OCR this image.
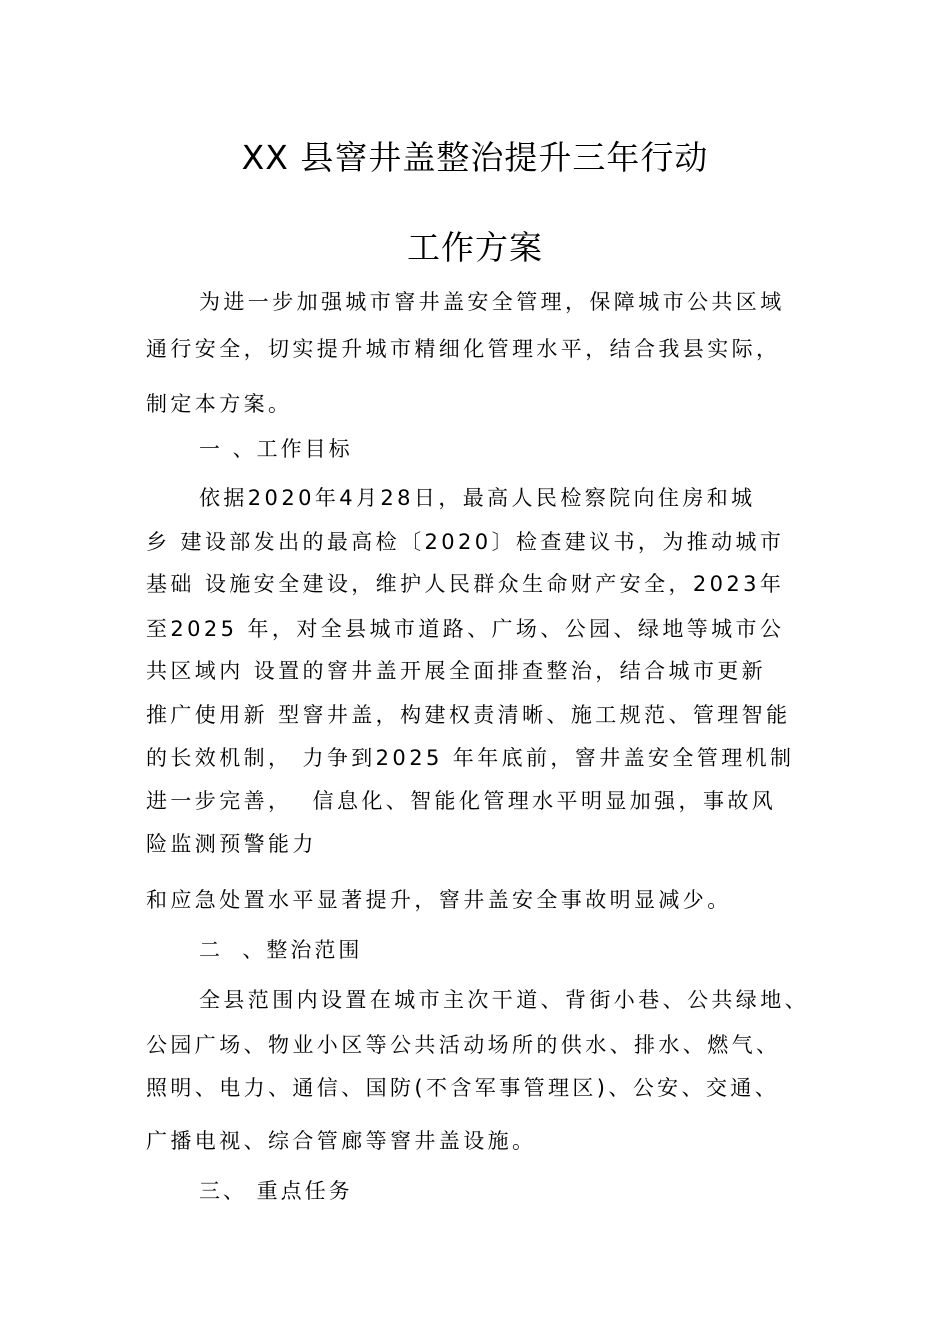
XX 县窨井盖整治提升三年行动
工作方案
为进一步加强城市窨井盖安全管理，保障城市公共区域
通行安全，切实提升城市精细化管理水平，结合我县实际，
制定本方案。
一 、工作目标
依据2020年4月28日，最高人民检察院向住房和城
乡 建设部发出的最高检〔2020〕检查建议书，为推动城市
基础 设施安全建设，维护人民群众生命财产安全，2023年
至2025 年，对全县城市道路、广场、公园、绿地等城市公
共区域内 设置的窨井盖开展全面排查整治，结合城市更新
推广使用新 型窨井盖，构建权责清晰、施工规范、管理智能
的长效机制， 力争到2025 年年底前，窨井盖安全管理机制
进一步完善，  信息化、智能化管理水平明显加强，事故风
险监测预警能力
和应急处置水平显著提升，窨井盖安全事故明显减少。
二  、整治范围
全县范围内设置在城市主次干道、背街小巷、公共绿地、
公园广场、物业小区等公共活动场所的供水、排水、燃气、
照明、电力、通信、国防(不含军事管理区)、公安、交通、
广播电视、综合管廊等窨井盖设施。
三、 重点任务
